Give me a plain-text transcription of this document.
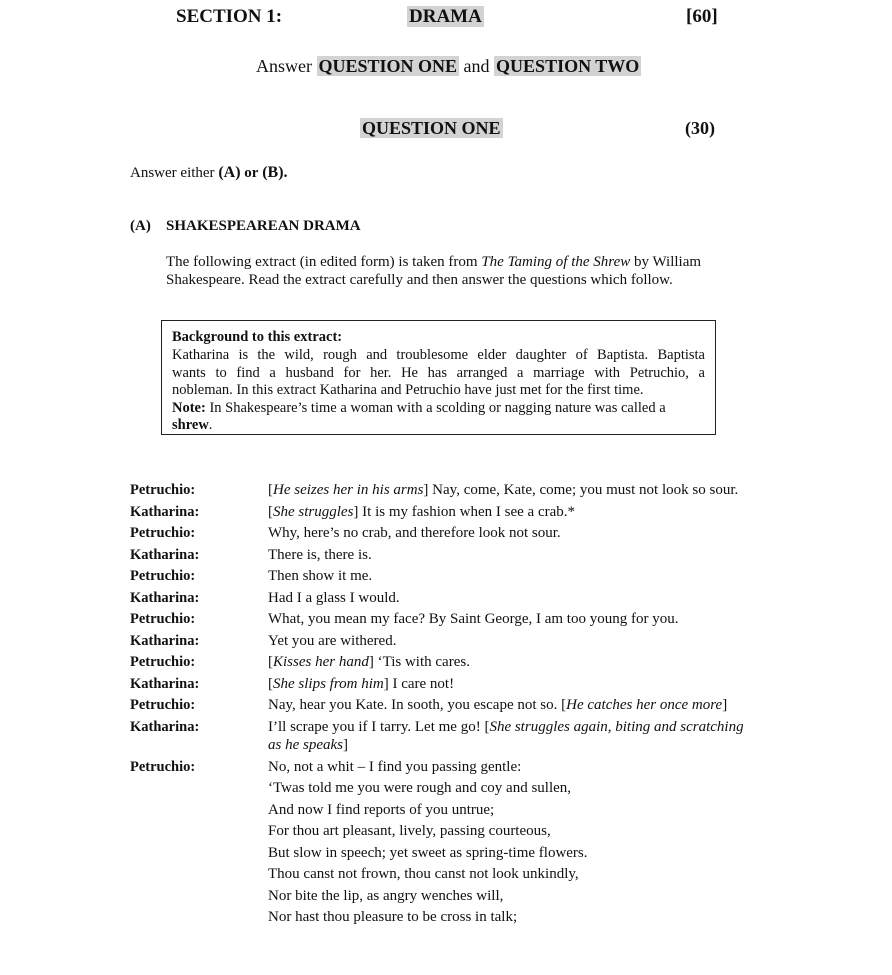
SECTION 1:	DRAMA	[60]
Answer QUESTION ONE and QUESTION TWO
QUESTION ONE	(30)
Answer either (A) or (B).
(A) SHAKESPEAREAN DRAMA
The following extract (in edited form) is taken from The Taming of the Shrew by William
Shakespeare. Read the extract carefully and then answer the questions which follow.
Background to this extract:
Katharina is the wild, rough and troublesome elder daughter of Baptista. Baptista
wants to find a husband for her. He has arranged a marriage with Petruchio, a
nobleman. In this extract Katharina and Petruchio have just met for the first time.
Note: In Shakespeare’s time a woman with a scolding or nagging nature was called a
shrew.
Petruchio:	[He seizes her in his arms] Nay, come, Kate, come; you must not look so sour.
Katharina:	[She struggles] It is my fashion when I see a crab.*
Petruchio:	Why, here’s no crab, and therefore look not sour.
Katharina:	There is, there is.
Petruchio:	Then show it me.
Katharina:	Had I a glass I would.
Petruchio:	What, you mean my face? By Saint George, I am too young for you.
Katharina:	Yet you are withered.
Petruchio:	[Kisses her hand] ‘Tis with cares.
Katharina:	[She slips from him] I care not!
Petruchio:	Nay, hear you Kate. In sooth, you escape not so. [He catches her once more]
Katharina:	I’ll scrape you if I tarry. Let me go! [She struggles again, biting and scratching
as he speaks]
Petruchio:	No, not a whit – I find you passing gentle:
‘Twas told me you were rough and coy and sullen,
And now I find reports of you untrue;
For thou art pleasant, lively, passing courteous,
But slow in speech; yet sweet as spring-time flowers.
Thou canst not frown, thou canst not look unkindly,
Nor bite the lip, as angry wenches will,
Nor hast thou pleasure to be cross in talk;
